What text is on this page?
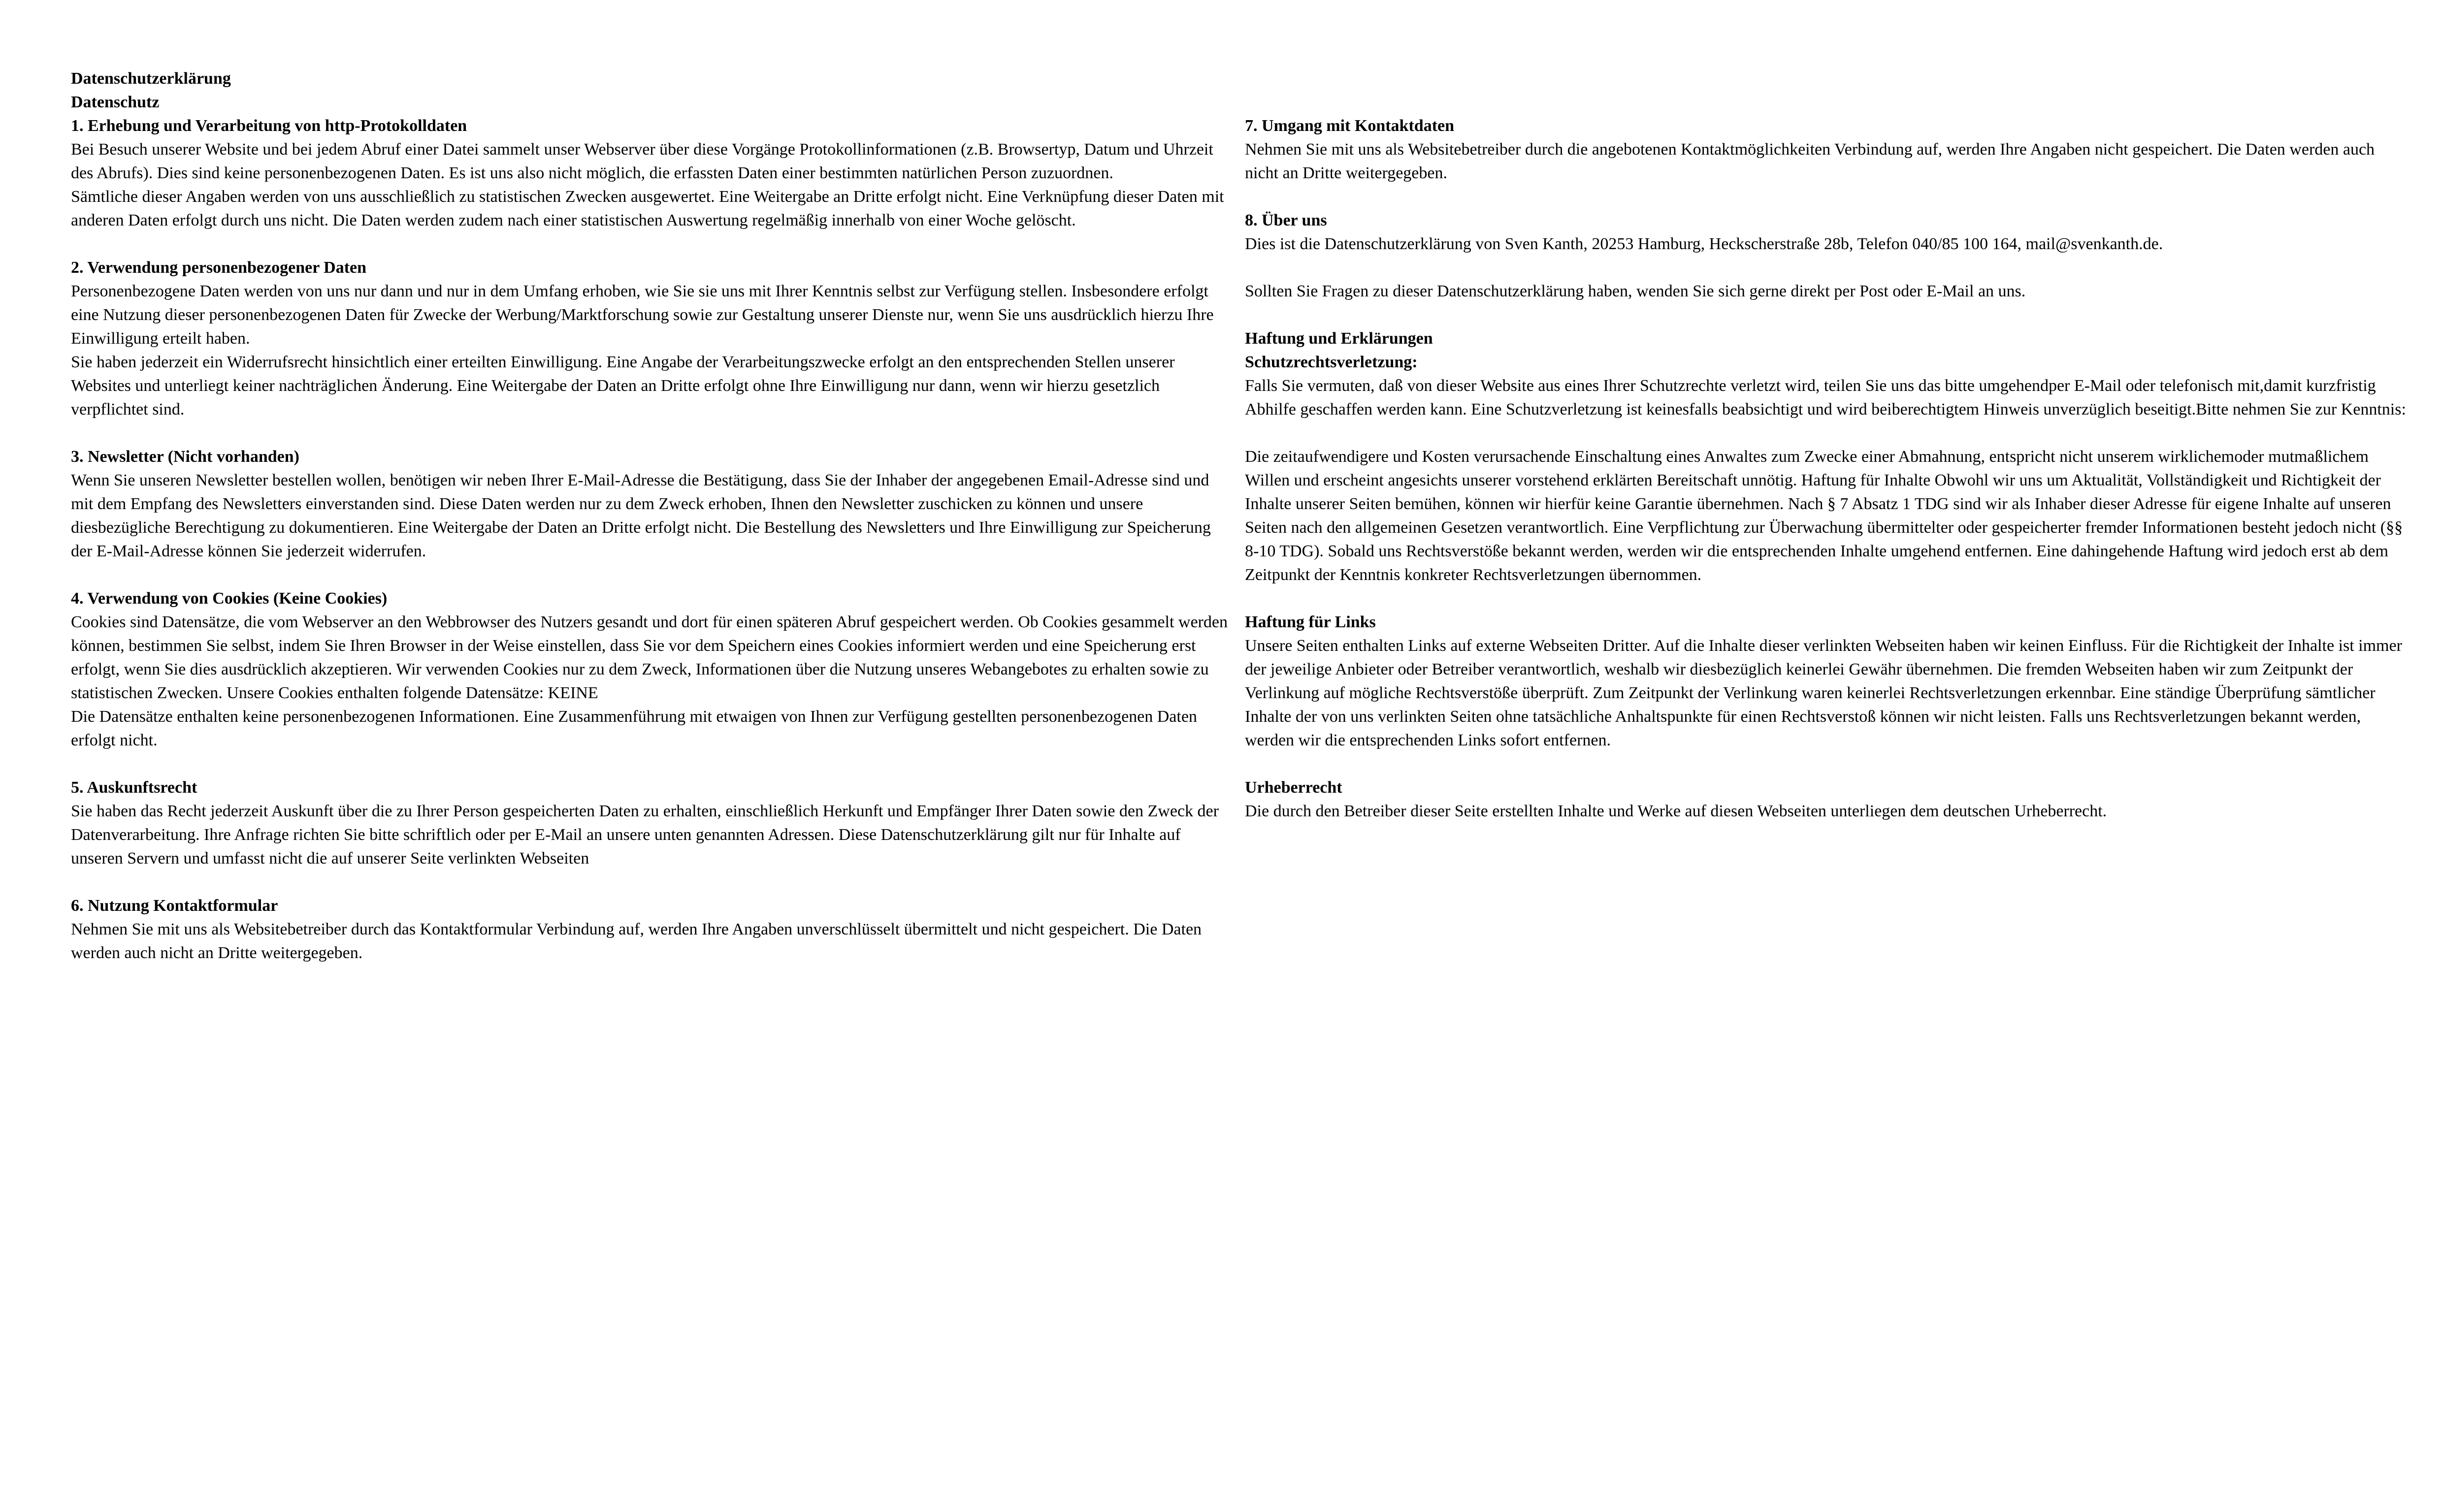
Datenschutzerklärung

Datenschutz

1. Erhebung und Verarbeitung von http-Protokolldaten

Bei Besuch unserer Website und bei jedem Abruf einer Datei sammelt unser Webserver über diese Vorgänge Protokollinformationen (z.B. Browsertyp, Datum und Uhrzeit des Abrufs). Dies sind keine personenbezogenen Daten. Es ist uns also nicht möglich, die erfassten Daten einer bestimmten natürlichen Person zuzuordnen.

Sämtliche dieser Angaben werden von uns ausschließlich zu statistischen Zwecken ausgewertet. Eine Weitergabe an Dritte erfolgt nicht. Eine Verknüpfung dieser Daten mit anderen Daten erfolgt durch uns nicht. Die Daten werden zudem nach einer statistischen Auswertung regelmäßig innerhalb von einer Woche gelöscht.

2. Verwendung personenbezogener Daten

Personenbezogene Daten werden von uns nur dann und nur in dem Umfang erhoben, wie Sie sie uns mit Ihrer Kenntnis selbst zur Verfügung stellen. Insbesondere erfolgt eine Nutzung dieser personenbezogenen Daten für Zwecke der Werbung/Marktforschung sowie zur Gestaltung unserer Dienste nur, wenn Sie uns ausdrücklich hierzu Ihre Einwilligung erteilt haben.

Sie haben jederzeit ein Widerrufsrecht hinsichtlich einer erteilten Einwilligung. Eine Angabe der Verarbeitungszwecke erfolgt an den entsprechenden Stellen unserer Websites und unterliegt keiner nachträglichen Änderung. Eine Weitergabe der Daten an Dritte erfolgt ohne Ihre Einwilligung nur dann, wenn wir hierzu gesetzlich verpflichtet sind.

3. Newsletter (Nicht vorhanden)

Wenn Sie unseren Newsletter bestellen wollen, benötigen wir neben Ihrer E-Mail-Adresse die Bestätigung, dass Sie der Inhaber der angegebenen Email-Adresse sind und mit dem Empfang des Newsletters einverstanden sind. Diese Daten werden nur zu dem Zweck erhoben, Ihnen den Newsletter zuschicken zu können und unsere diesbezügliche Berechtigung zu dokumentieren. Eine Weitergabe der Daten an Dritte erfolgt nicht. Die Bestellung des Newsletters und Ihre Einwilligung zur Speicherung der E-Mail-Adresse können Sie jederzeit widerrufen.

4. Verwendung von Cookies (Keine Cookies)

Cookies sind Datensätze, die vom Webserver an den Webbrowser des Nutzers gesandt und dort für einen späteren Abruf gespeichert werden. Ob Cookies gesammelt werden können, bestimmen Sie selbst, indem Sie Ihren Browser in der Weise einstellen, dass Sie vor dem Speichern eines Cookies informiert werden und eine Speicherung erst erfolgt, wenn Sie dies ausdrücklich akzeptieren. Wir verwenden Cookies nur zu dem Zweck, Informationen über die Nutzung unseres Webangebotes zu erhalten sowie zu statistischen Zwecken. Unsere Cookies enthalten folgende Datensätze: KEINE

Die Datensätze enthalten keine personenbezogenen Informationen. Eine Zusammenführung mit etwaigen von Ihnen zur Verfügung gestellten personenbezogenen Daten erfolgt nicht.

5. Auskunftsrecht

Sie haben das Recht jederzeit Auskunft über die zu Ihrer Person gespeicherten Daten zu erhalten, einschließlich Herkunft und Empfänger Ihrer Daten sowie den Zweck der Datenverarbeitung. Ihre Anfrage richten Sie bitte schriftlich oder per E-Mail an unsere unten genannten Adressen. Diese Datenschutzerklärung gilt nur für Inhalte auf unseren Servern und umfasst nicht die auf unserer Seite verlinkten Webseiten

6. Nutzung Kontaktformular

Nehmen Sie mit uns als Websitebetreiber durch das Kontaktformular Verbindung auf, werden Ihre Angaben unverschlüsselt übermittelt und nicht gespeichert. Die Daten werden auch nicht an Dritte weitergegeben.

7. Umgang mit Kontaktdaten

Nehmen Sie mit uns als Websitebetreiber durch die angebotenen Kontaktmöglichkeiten Verbindung auf, werden Ihre Angaben nicht gespeichert. Die Daten werden auch nicht an Dritte weitergegeben.

8. Über uns

Dies ist die Datenschutzerklärung von Sven Kanth, 20253 Hamburg, Heckscherstraße 28b, Telefon 040/85 100 164, mail@svenkanth.de.

Sollten Sie Fragen zu dieser Datenschutzerklärung haben, wenden Sie sich gerne direkt per Post oder E-Mail an uns.

Haftung und Erklärungen

Schutzrechtsverletzung:

Falls Sie vermuten, daß von dieser Website aus eines Ihrer Schutzrechte verletzt wird, teilen Sie uns das bitte umgehendper E-Mail oder telefonisch mit,damit kurzfristig Abhilfe geschaffen werden kann. Eine Schutzverletzung ist keinesfalls beabsichtigt und wird beiberechtigtem Hinweis unverzüglich beseitigt.Bitte nehmen Sie zur Kenntnis:

Die zeitaufwendigere und Kosten verursachende Einschaltung eines Anwaltes zum Zwecke einer Abmahnung, entspricht nicht unserem wirklichemoder mutmaßlichem Willen und erscheint angesichts unserer vorstehend erklärten Bereitschaft unnötig. Haftung für Inhalte Obwohl wir uns um Aktualität, Vollständigkeit und Richtigkeit der Inhalte unserer Seiten bemühen, können wir hierfür keine Garantie übernehmen. Nach § 7 Absatz 1 TDG sind wir als Inhaber dieser Adresse für eigene Inhalte auf unseren Seiten nach den allgemeinen Gesetzen verantwortlich. Eine Verpflichtung zur Überwachung übermittelter oder gespeicherter fremder Informationen besteht jedoch nicht (§§ 8-10 TDG). Sobald uns Rechtsverstöße bekannt werden, werden wir die entsprechenden Inhalte umgehend entfernen. Eine dahingehende Haftung wird jedoch erst ab dem Zeitpunkt der Kenntnis konkreter Rechtsverletzungen übernommen.

Haftung für Links

Unsere Seiten enthalten Links auf externe Webseiten Dritter. Auf die Inhalte dieser verlinkten Webseiten haben wir keinen Einfluss. Für die Richtigkeit der Inhalte ist immer der jeweilige Anbieter oder Betreiber verantwortlich, weshalb wir diesbezüglich keinerlei Gewähr übernehmen. Die fremden Webseiten haben wir zum Zeitpunkt der Verlinkung auf mögliche Rechtsverstöße überprüft. Zum Zeitpunkt der Verlinkung waren keinerlei Rechtsverletzungen erkennbar. Eine ständige Überprüfung sämtlicher Inhalte der von uns verlinkten Seiten ohne tatsächliche Anhaltspunkte für einen Rechtsverstoß können wir nicht leisten. Falls uns Rechtsverletzungen bekannt werden, werden wir die entsprechenden Links sofort entfernen.

Urheberrecht

Die durch den Betreiber dieser Seite erstellten Inhalte und Werke auf diesen Webseiten unterliegen dem deutschen Urheberrecht.
